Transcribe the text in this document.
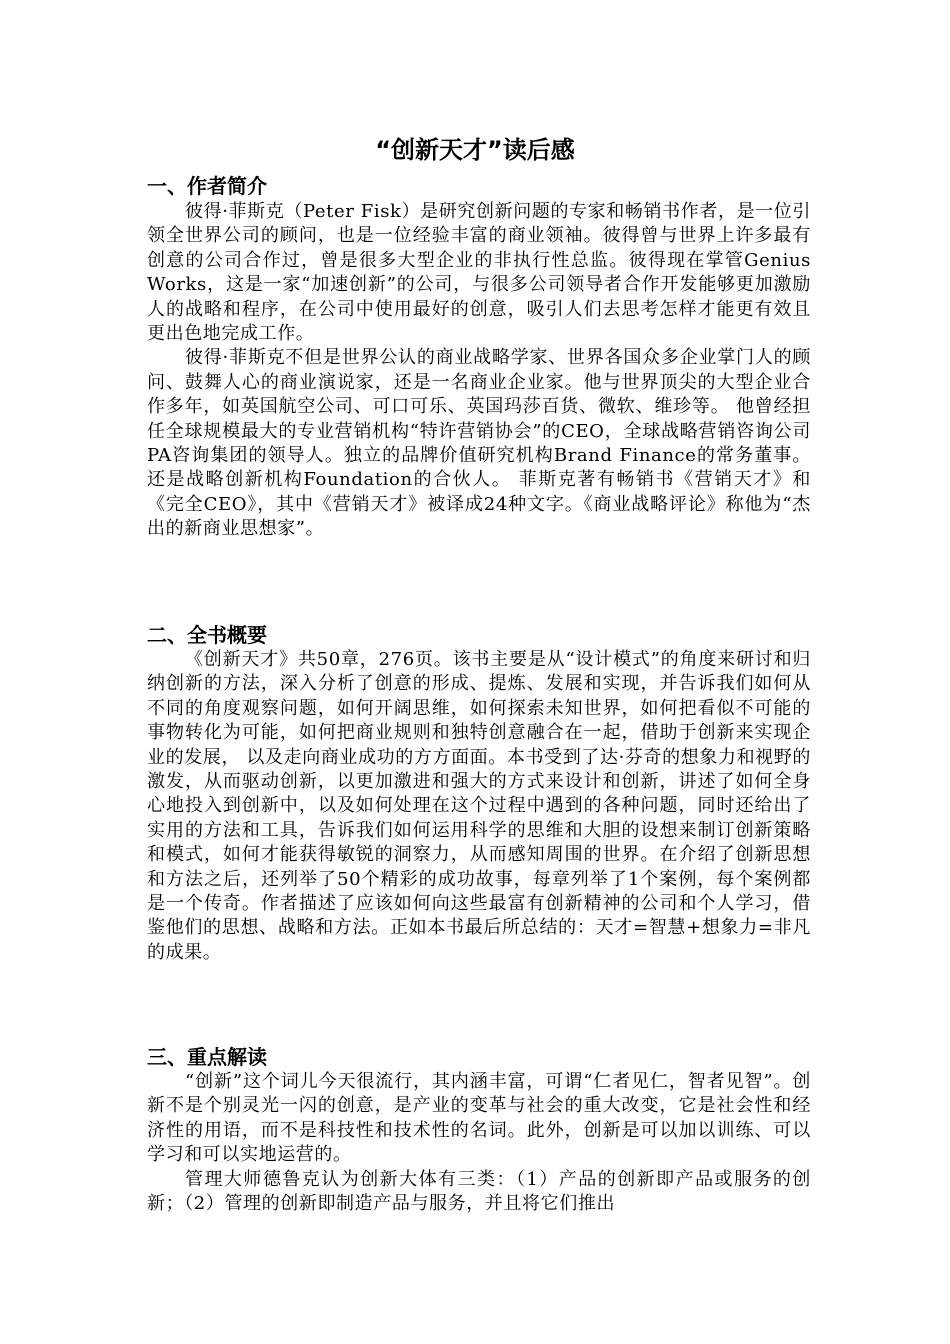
“创新天才”读后感
一、作者简介

彼得·菲斯克（Peter Fisk）是研究创新问题的专家和畅销书作者，是一位引领全世界公司的顾问，也是一位经验丰富的商业领袖。彼得曾与世界上许多最有创意的公司合作过，曾是很多大型企业的非执行性总监。彼得现在掌管Genius Works，这是一家“加速创新”的公司，与很多公司领导者合作开发能够更加激励人的战略和程序，在公司中使用最好的创意，吸引人们去思考怎样才能更有效且更出色地完成工作。

彼得·菲斯克不但是世界公认的商业战略学家、世界各国众多企业掌门人的顾问、鼓舞人心的商业演说家，还是一名商业企业家。他与世界顶尖的大型企业合作多年，如英国航空公司、可口可乐、英国玛莎百货、微软、维珍等。 他曾经担任全球规模最大的专业营销机构“特许营销协会”的CEO，全球战略营销咨询公司PA咨询集团的领导人。独立的品牌价值研究机构Brand Finance的常务董事。还是战略创新机构Foundation的合伙人。 菲斯克著有畅销书《营销天才》和《完全CEO》，其中《营销天才》被译成24种文字。《商业战略评论》称他为“杰出的新商业思想家”。

二、全书概要

《创新天才》共50章，276页。该书主要是从“设计模式”的角度来研讨和归纳创新的方法，深入分析了创意的形成、提炼、发展和实现，并告诉我们如何从不同的角度观察问题，如何开阔思维，如何探索未知世界，如何把看似不可能的事物转化为可能，如何把商业规则和独特创意融合在一起，借助于创新来实现企业的发展， 以及走向商业成功的方方面面。本书受到了达·芬奇的想象力和视野的激发，从而驱动创新，以更加激进和强大的方式来设计和创新，讲述了如何全身心地投入到创新中，以及如何处理在这个过程中遇到的各种问题，同时还给出了实用的方法和工具，告诉我们如何运用科学的思维和大胆的设想来制订创新策略和模式，如何才能获得敏锐的洞察力，从而感知周围的世界。在介绍了创新思想和方法之后，还列举了50个精彩的成功故事，每章列举了1个案例，每个案例都是一个传奇。作者描述了应该如何向这些最富有创新精神的公司和个人学习，借鉴他们的思想、战略和方法。正如本书最后所总结的：天才=智慧+想象力=非凡的成果。

三、重点解读

“创新”这个词儿今天很流行，其内涵丰富，可谓“仁者见仁，智者见智”。创新不是个别灵光一闪的创意，是产业的变革与社会的重大改变，它是社会性和经济性的用语，而不是科技性和技术性的名词。此外，创新是可以加以训练、可以学习和可以实地运营的。

管理大师德鲁克认为创新大体有三类：（1）产品的创新即产品或服务的创新；（2）管理的创新即制造产品与服务，并且将它们推出
